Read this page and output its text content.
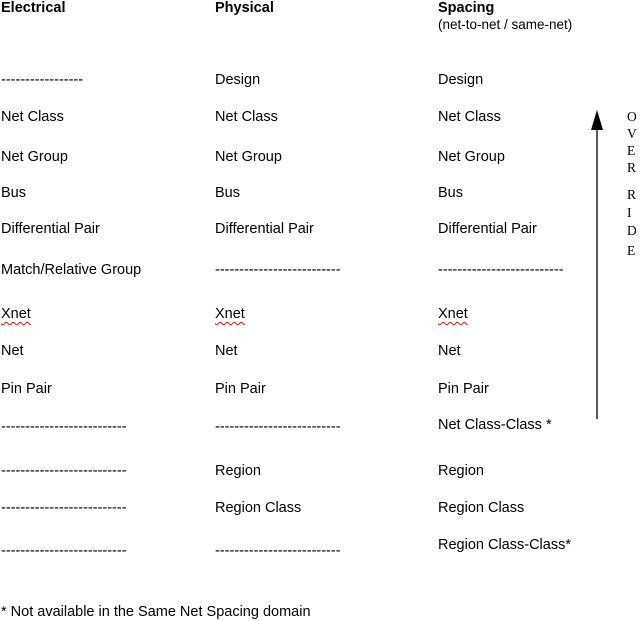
Electrical	Physical	Spacing
(net-to-net / same-net)
-----------------
Net Class
Net Group
Bus
Differential Pair
Match/Relative Group
Xnet
Net
Pin Pair
--------------------------
--------------------------
--------------------------
--------------------------
Design
Net Class
Net Group
Bus
Differential Pair
--------------------------
Xnet
Net
Pin Pair
--------------------------
Region
Region Class
--------------------------
Design
Net Class
Net Group
Bus
Differential Pair
--------------------------
Xnet
Net
Pin Pair
Net Class-Class *
Region
Region Class
Region Class-Class*
O
V
E
R
R
I
D
E
* Not available in the Same Net Spacing domain
